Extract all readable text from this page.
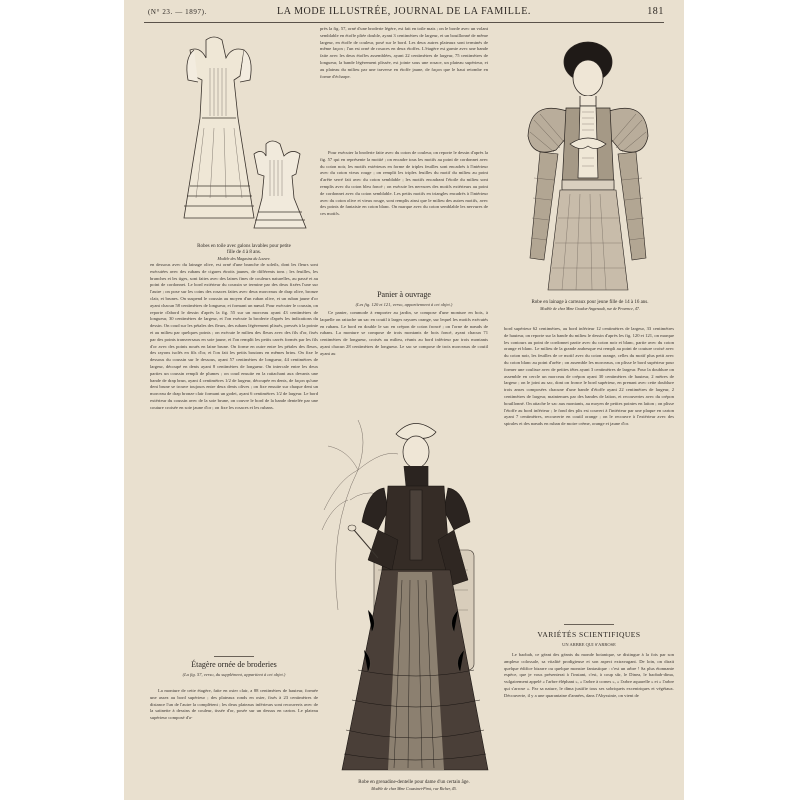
(N° 23. — 1897).	LA MODE ILLUSTRÉE, JOURNAL DE LA FAMILLE.	181
Robes en toile avec galons lavables pour petite fille de 4 à 8 ans.
Modèle des Magasins du Louvre.

près la fig. 57, orné d'une broderie légère, est fait en toile mais ; on le borde avec un volant semblable en étoffe pliée double, ayant 3 centimètres de largeur, et un bouillonné de même largeur, en étoffe de couleur, posé sur le bord. Les deux autres plateaux sont terminés de même façon ; l'un est orné de rosaces en deux étoffes. L'étagère est garnie avec une bande faite avec les deux étoffes assemblées, ayant 22 centimètres de largeur, 75 centimètres de longueur, la bande légèrement plissée, est jointe sous une rosace, un plateau supérieur, et au plateau du milieu par une traverse en étoffe jaune, de façon que le haut retombe en forme d'écharpe.

Pour exécuter la broderie faite avec du coton de couleur, on reporte le dessin d'après la fig. 57 qui en représente la moitié ; on encadre tous les motifs au point de cordonnet avec du coton noir, les motifs extérieurs en forme de triples feuilles sont encadrés à l'intérieur avec du coton vieux rouge ; on remplit les triples feuilles du motif du milieu au point d'arête serré fait avec du coton semblable ; les motifs encadrant l'étoile du milieu sont remplis avec du coton bleu foncé ; on exécute les nervures des motifs extérieurs au point de cordonnet avec du coton semblable. Les petits motifs en triangles encadrés à l'intérieur avec du coton olive et vieux rouge, sont remplis ainsi que le milieu des autres motifs, avec des points de fantaisie en coton blanc. On marque avec du coton semblable les nervures de ces motifs.

Panier à ouvrage
(Les fig. 120 et 121, verso, appartiennent à cet objet.)

Ce panier, commode à emporter au jardin, se compose d'une monture en bois, à laquelle on rattache un sac en coutil à larges rayures orange, sur lequel les motifs exécutés en rubans. Le bord en double le sac en crépon de coton froncé ; on l'orne de nœuds de rubans. La monture se compose de trois montants de bois foncé, ayant chacun 71 centimètres de longueur, croisés au milieu, réunis au bord inférieur par trois montants ayant chacun 28 centimètres de longueur. Le sac se compose de trois morceaux de coutil ayant au

Robe en lainage à carreaux pour jeune fille de 14 à 16 ans.
Modèle de chez Mme Gradoz-Angenault, rue de Provence, 47.

en dessous avec du lainage olive, est orné d'une branche de soleils, dont les fleurs sont exécutées avec des rubans de cigares étroits jaunes, de différents tons ; les feuilles, les branches et les tiges, sont faites avec des laines fines de couleurs naturelles, au passé et au point de cordonnet. Le bord extérieur du coussin se termine par des deux fixées l'une sur l'autre ; on pose sur les coins des rosaces faites avec deux morceaux de drap olive, bronze clair, et brunes. On suspend le coussin au moyen d'un ruban olive, et un ruban jaune d'or ayant chacun 58 centimètres de longueur, et formant un nœud. Pour exécuter le coussin, on reporte d'abord le dessin d'après la fig. 55 sur un morceau ayant 43 centimètres de longueur, 30 centimètres de largeur, et l'on exécute la broderie d'après les indications du dessin. On coud sur les pétales des fleurs, des rubans légèrement plissés, pressés à la pointe et au milieu par quelques points ; on exécute le milieu des fleurs avec des fils d'or, fixés par des points transversaux en soie jaune, et l'on remplit les petits carrés formés par les fils d'or avec des points noués en laine brune. On forme en outre entre les pétales des fleurs, des rayons isolés en fils d'or, et l'on fait les petits boutons en mêmes brins. On fixe le dessous du coussin sur le dessous, ayant 57 centimètres de longueur, 44 centimètres de largeur, découpé en dents ayant 8 centimètres de longueur. On intercale entre les deux parties un coussin rempli de plumes ; on coud ensuite en la rattachant aux devants une bande de drap brun, ayant 4 centimètres 1/2 de largeur, découpée en dents, de façon qu'une dent brune se trouve toujours entre deux dents olives ; on fixe ensuite sur chaque dent un morceau de drap bronze clair formant un godet, ayant 6 centimètres 1/2 de largeur. Le bord extérieur du coussin avec de la soie brune, on couvre le bord de la bande dentelée par une couture croisée en soie jaune d'or ; on fixe les rosaces et les rubans.

Étagère ornée de broderies
(La fig. 57, verso, du supplément, appartient à cet objet.)

La monture de cette étagère, faite en osier clair, a 88 centimètres de hauteur, formée une assez au bord supérieur ; des plateaux ronds en osier, fixés à 23 centimètres de distance l'un de l'autre la complètent ; les deux plateaux inférieurs sont recouverts avec de la satinette à dessins de couleur, tissée d'or, posée sur un dessus en carton. Le plateau supérieur composé d'a-

Robe en grenadine-dentelle pour dame d'un certain âge.
Modèle de chez Mme Coussinet-Pirot, rue Richer, 45.

bord supérieur 62 centimètres, au bord inférieur 12 centimètres de largeur, 33 centimètres de hauteur, on reporte sur la bande du milieu le dessin d'après les fig. 120 et 121, on marque les contours au point de cordonnet partie avec du coton noir et blanc, partie avec du coton orange et blanc. Le milieu de la grande arabesque est rempli au point de couture croisé avec du coton noir, les feuilles de ce motif avec du coton orange, celles du motif plus petit avec du coton blanc au point d'arête ; on assemble les morceaux, on plisse le bord supérieur pour former une coulisse avec de petites têtes ayant 3 centimètres de largeur. Pour la doublure on assemble en cercle un morceau de crépon ayant 30 centimètres de hauteur, 2 mètres de largeur ; on le joint au sac, dont on fronce le bord supérieur, en prenant avec cette doublure trois anses composées chacune d'une bande d'étoffe ayant 22 centimètres de largeur, 2 centimètres de largeur, maintenues par des bandes de laiton, et recouvertes avec du crépon bouillonné. On attache le sac aux montants, au moyen de petites pointes en laiton ; on plisse l'étoffe au bord inférieur ; le fond des plis est couvert à l'intérieur par une plaque en carton ayant 7 centimètres, recouverte en coutil orange ; on le recouvre à l'extérieur avec des spirales et des nœuds en ruban de moire crème, orange et jaune d'or.

VARIÉTÉS SCIENTIFIQUES
UN ARBRE QUI S'ARROSE

Le baobab, ce géant des géants du monde botanique, se distingue à la fois par son ampleur colossale, sa vitalité prodigieuse et son aspect extravagant. De loin, on dirait quelque édifice bizarre ou quelque monstre fantastique : c'est un arbre ! Sa plus étonnante espèce, que je vous présenterai à l'instant, c'est, à coup sûr, le Dinea, le baobab-dima, vulgairement appelé « l'arbre éléphant », « l'arbre à cornes », « l'arbre aquarelle » et « l'arbre qui s'arrose ». Par sa nature, le dima justifie tous ses sobriquets excentriques et végétaux. Découverte, il y a une quarantaine d'années, dans l'Abyssinie, on vient de
